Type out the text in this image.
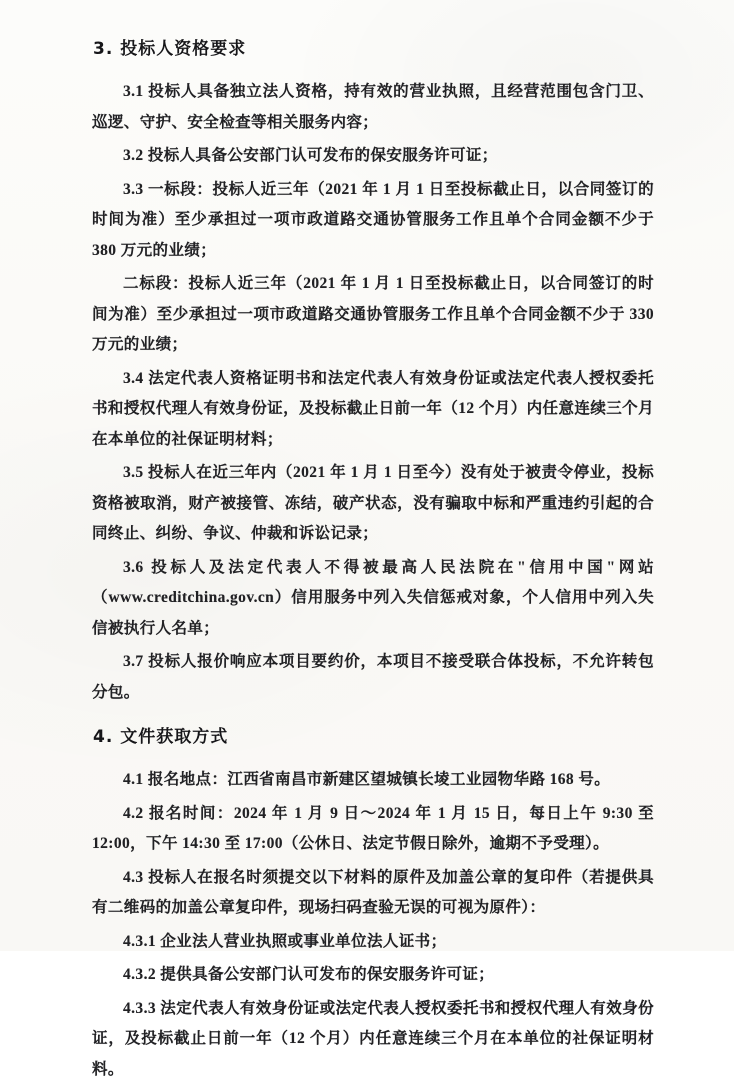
3. 投标人资格要求

3.1 投标人具备独立法人资格，持有效的营业执照，且经营范围包含门卫、巡逻、守护、安全检查等相关服务内容；

3.2 投标人具备公安部门认可发布的保安服务许可证；

3.3 一标段：投标人近三年（2021 年 1 月 1 日至投标截止日，以合同签订的时间为准）至少承担过一项市政道路交通协管服务工作且单个合同金额不少于 380 万元的业绩；

二标段：投标人近三年（2021 年 1 月 1 日至投标截止日，以合同签订的时间为准）至少承担过一项市政道路交通协管服务工作且单个合同金额不少于 330 万元的业绩；

3.4 法定代表人资格证明书和法定代表人有效身份证或法定代表人授权委托书和授权代理人有效身份证，及投标截止日前一年（12 个月）内任意连续三个月在本单位的社保证明材料；

3.5 投标人在近三年内（2021 年 1 月 1 日至今）没有处于被责令停业，投标资格被取消，财产被接管、冻结，破产状态，没有骗取中标和严重违约引起的合同终止、纠纷、争议、仲裁和诉讼记录；

3.6 投标人及法定代表人不得被最高人民法院在"信用中国"网站（www.creditchina.gov.cn）信用服务中列入失信惩戒对象，个人信用中列入失信被执行人名单；

3.7 投标人报价响应本项目要约价，本项目不接受联合体投标，不允许转包分包。

4. 文件获取方式

4.1 报名地点：江西省南昌市新建区望城镇长堎工业园物华路 168 号。

4.2 报名时间：2024 年 1 月 9 日～2024 年 1 月 15 日，每日上午 9:30 至 12:00，下午 14:30 至 17:00（公休日、法定节假日除外，逾期不予受理）。

4.3 投标人在报名时须提交以下材料的原件及加盖公章的复印件（若提供具有二维码的加盖公章复印件，现场扫码查验无误的可视为原件）：

4.3.1 企业法人营业执照或事业单位法人证书；

4.3.2 提供具备公安部门认可发布的保安服务许可证；

4.3.3 法定代表人有效身份证或法定代表人授权委托书和授权代理人有效身份证，及投标截止日前一年（12 个月）内任意连续三个月在本单位的社保证明材料。
